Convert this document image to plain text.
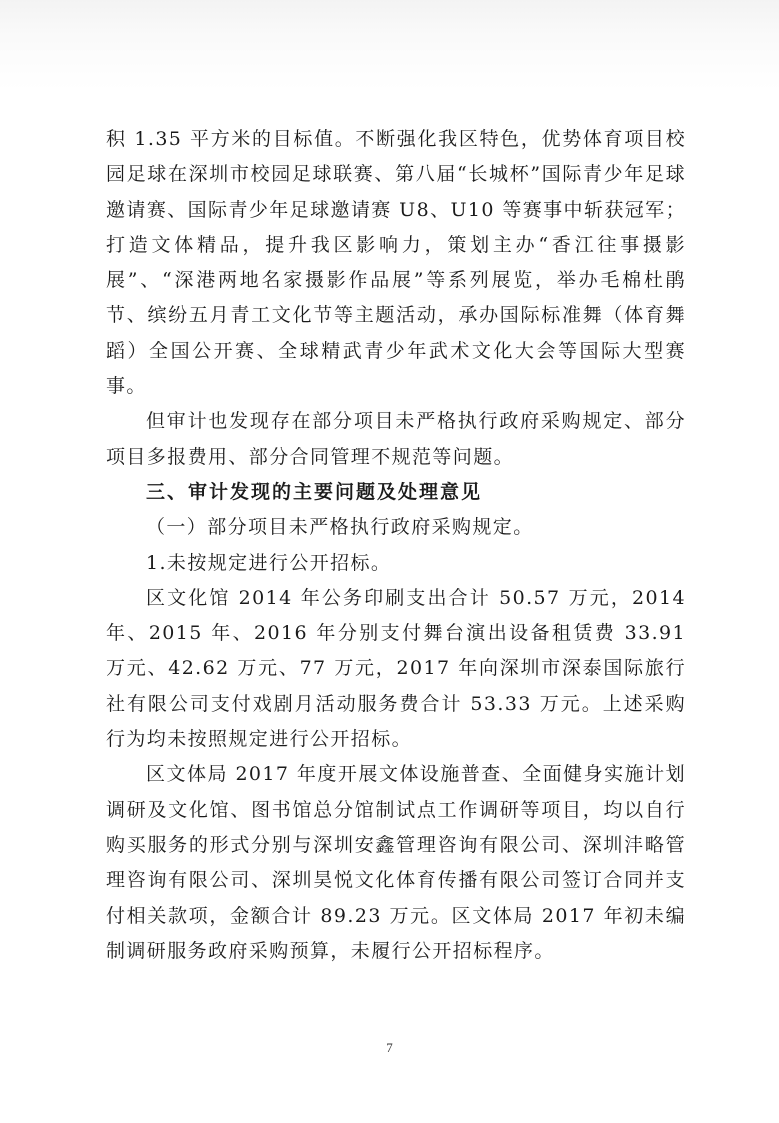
积 1.35 平方米的目标值。不断强化我区特色，优势体育项目校园足球在深圳市校园足球联赛、第八届“长城杯”国际青少年足球邀请赛、国际青少年足球邀请赛 U8、U10 等赛事中斩获冠军；打造文体精品，提升我区影响力，策划主办“香江往事摄影展”、“深港两地名家摄影作品展”等系列展览，举办毛棉杜鹃节、缤纷五月青工文化节等主题活动，承办国际标准舞（体育舞蹈）全国公开赛、全球精武青少年武术文化大会等国际大型赛事。

但审计也发现存在部分项目未严格执行政府采购规定、部分项目多报费用、部分合同管理不规范等问题。

三、审计发现的主要问题及处理意见

（一）部分项目未严格执行政府采购规定。

1.未按规定进行公开招标。

区文化馆 2014 年公务印刷支出合计 50.57 万元，2014 年、2015 年、2016 年分别支付舞台演出设备租赁费 33.91 万元、42.62 万元、77 万元，2017 年向深圳市深泰国际旅行社有限公司支付戏剧月活动服务费合计 53.33 万元。上述采购行为均未按照规定进行公开招标。

区文体局 2017 年度开展文体设施普查、全面健身实施计划调研及文化馆、图书馆总分馆制试点工作调研等项目，均以自行购买服务的形式分别与深圳安鑫管理咨询有限公司、深圳沣略管理咨询有限公司、深圳昊悦文化体育传播有限公司签订合同并支付相关款项，金额合计 89.23 万元。区文体局 2017 年初未编制调研服务政府采购预算，未履行公开招标程序。

7
